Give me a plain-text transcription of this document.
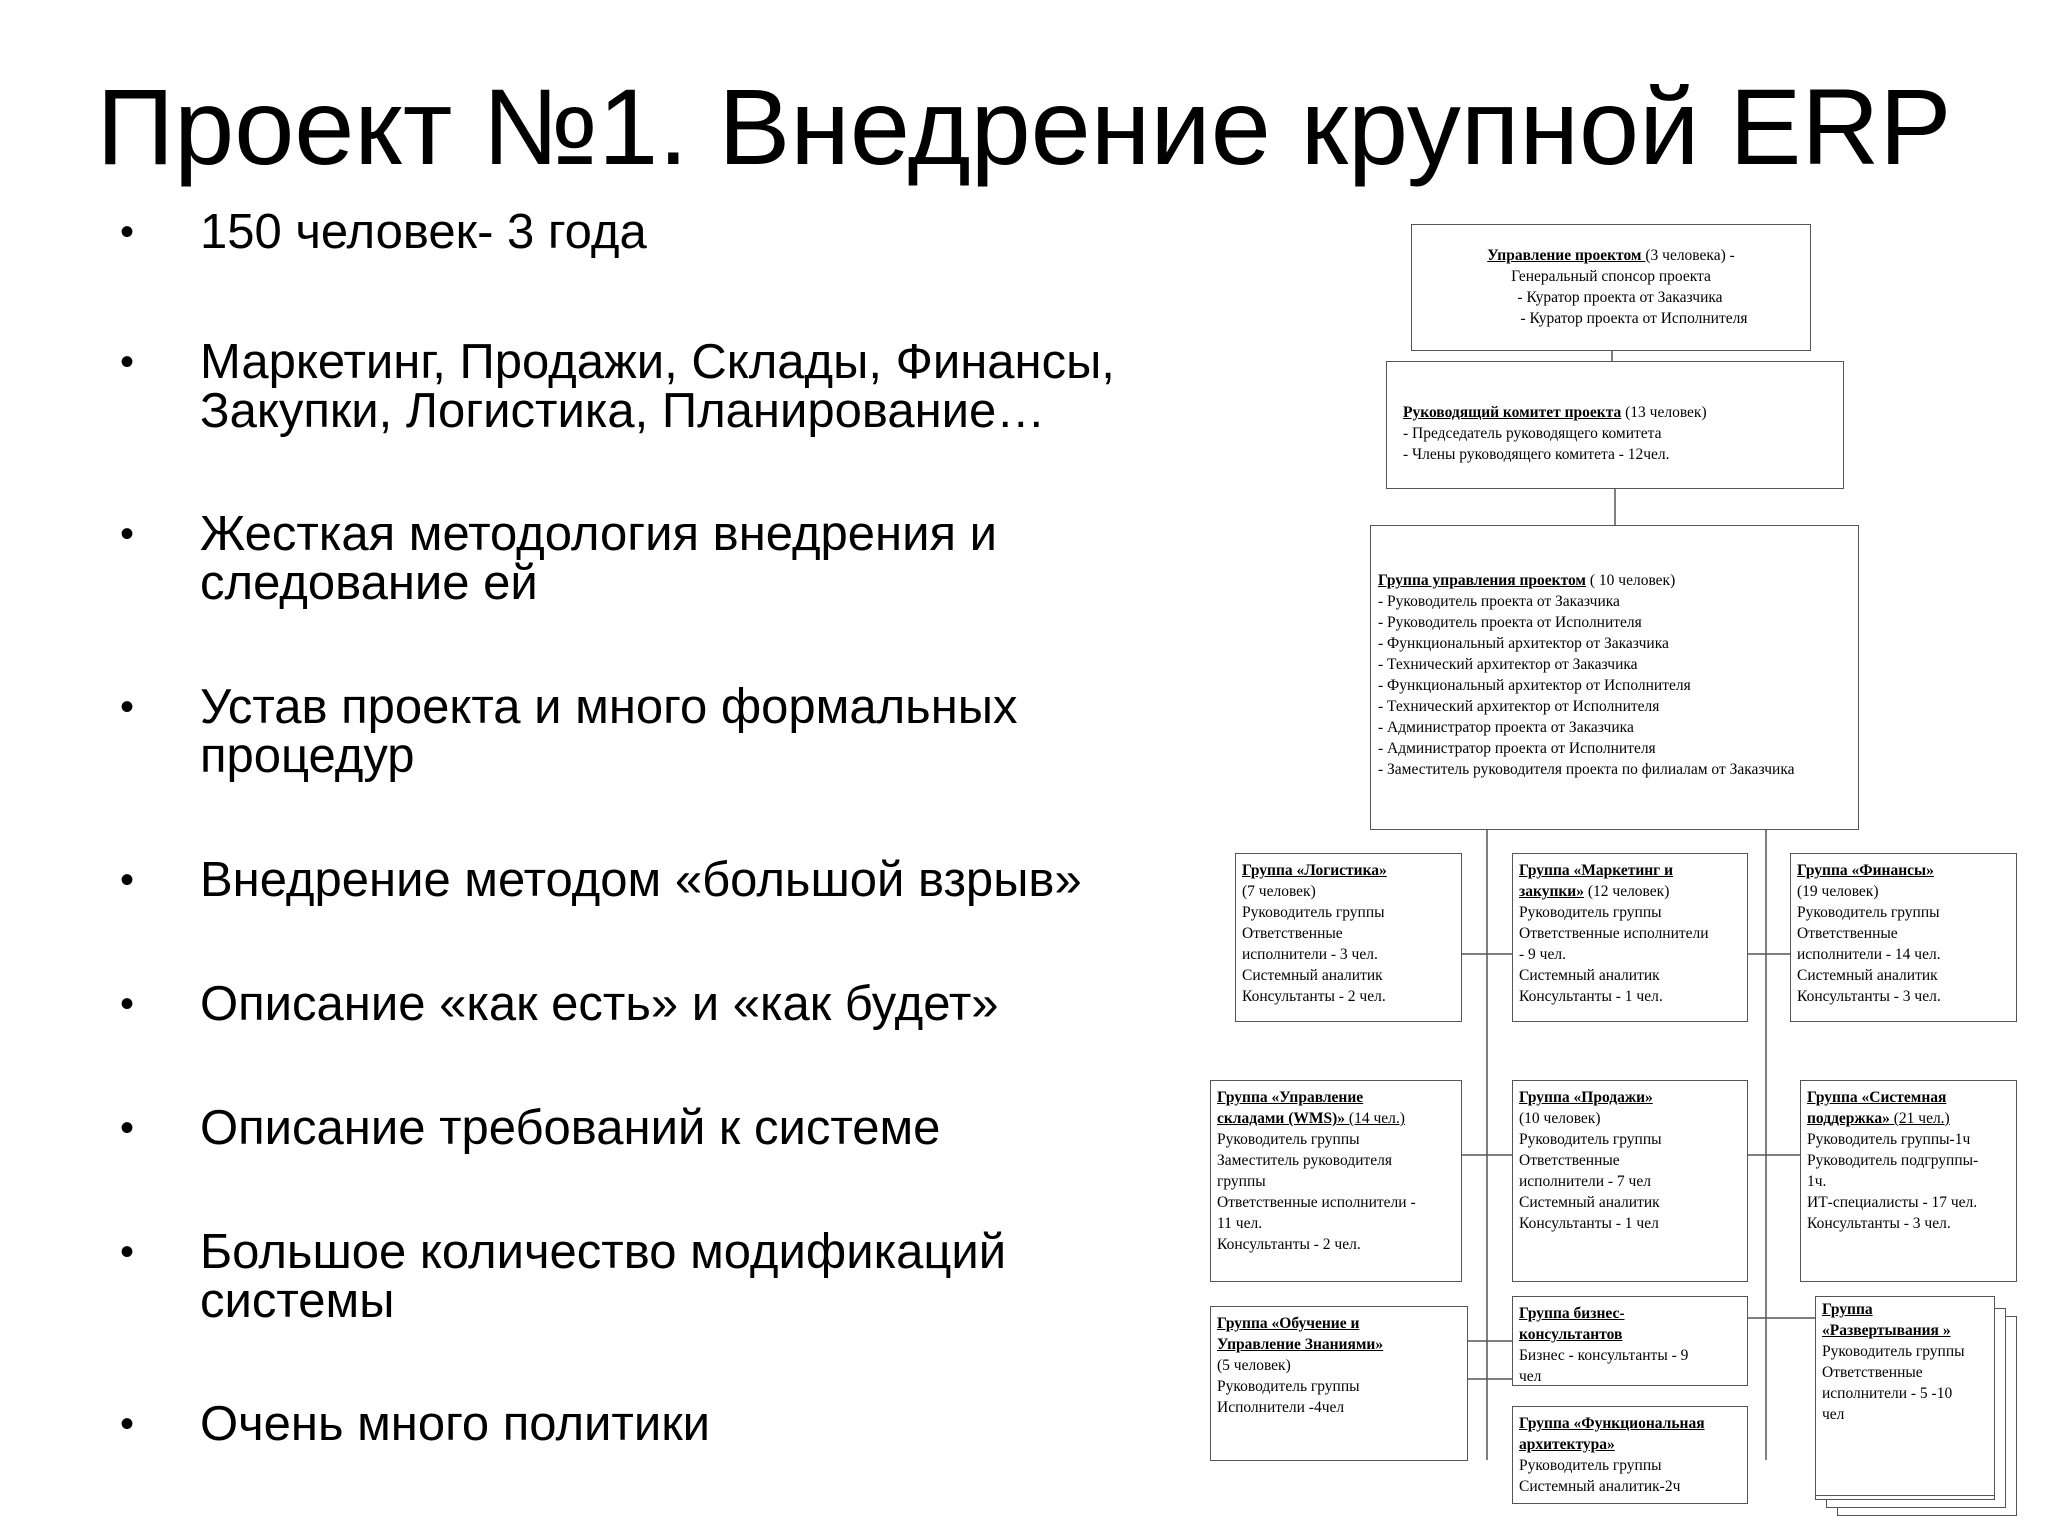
Проект №1. Внедрение крупной ERP
•	150 человек- 3 года
•	Маркетинг, Продажи, Склады, Финансы,
Закупки, Логистика, Планирование…
•	Жесткая методология внедрения и
следование ей
•	Устав проекта и много формальных
процедур
•	Внедрение методом «большой взрыв»
•	Описание «как есть» и «как будет»
•	Описание требований к системе
•	Большое количество модификаций
системы
•	Очень много политики
Управление проектом (3 человека) -
Генеральный спонсор проекта
- Куратор проекта от Заказчика
- Куратор проекта от Исполнителя
Руководящий комитет проекта (13 человек)
- Председатель руководящего комитета
- Члены руководящего комитета - 12чел.
Группа управления проектом ( 10 человек)
- Руководитель проекта от Заказчика
- Руководитель проекта от Исполнителя
- Функциональный архитектор от Заказчика
- Технический архитектор от Заказчика
- Функциональный архитектор от Исполнителя
- Технический архитектор от Исполнителя
- Администратор проекта от Заказчика
- Администратор проекта от Исполнителя
- Заместитель руководителя проекта по филиалам от Заказчика
Группа «Логистика»
(7 человек)
Руководитель группы
Ответственные
исполнители - 3 чел.
Системный аналитик
Консультанты - 2 чел.
Группа «Маркетинг и
закупки» (12 человек)
Руководитель группы
Ответственные исполнители
- 9 чел.
Системный аналитик
Консультанты - 1 чел.
Группа «Финансы»
(19 человек)
Руководитель группы
Ответственные
исполнители - 14 чел.
Системный аналитик
Консультанты - 3 чел.
Группа «Управление
складами (WMS)» (14 чел.)
Руководитель группы
Заместитель руководителя
группы
Ответственные исполнители -
11 чел.
Консультанты - 2 чел.
Группа «Продажи»
(10 человек)
Руководитель группы
Ответственные
исполнители - 7 чел
Системный аналитик
Консультанты - 1 чел
Группа «Системная
поддержка» (21 чел.)
Руководитель группы-1ч
Руководитель подгруппы-
1ч.
ИТ-специалисты - 17 чел.
Консультанты - 3 чел.
Группа «Обучение и
Управление Знаниями»
(5 человек)
Руководитель группы
Исполнители -4чел
Группа бизнес-
консультантов
Бизнес - консультанты - 9
чел
Группа «Функциональная
архитектура»
Руководитель группы
Системный аналитик-2ч
Группа
«Развертывания »
Руководитель группы
Ответственные
исполнители - 5 -10
чел
